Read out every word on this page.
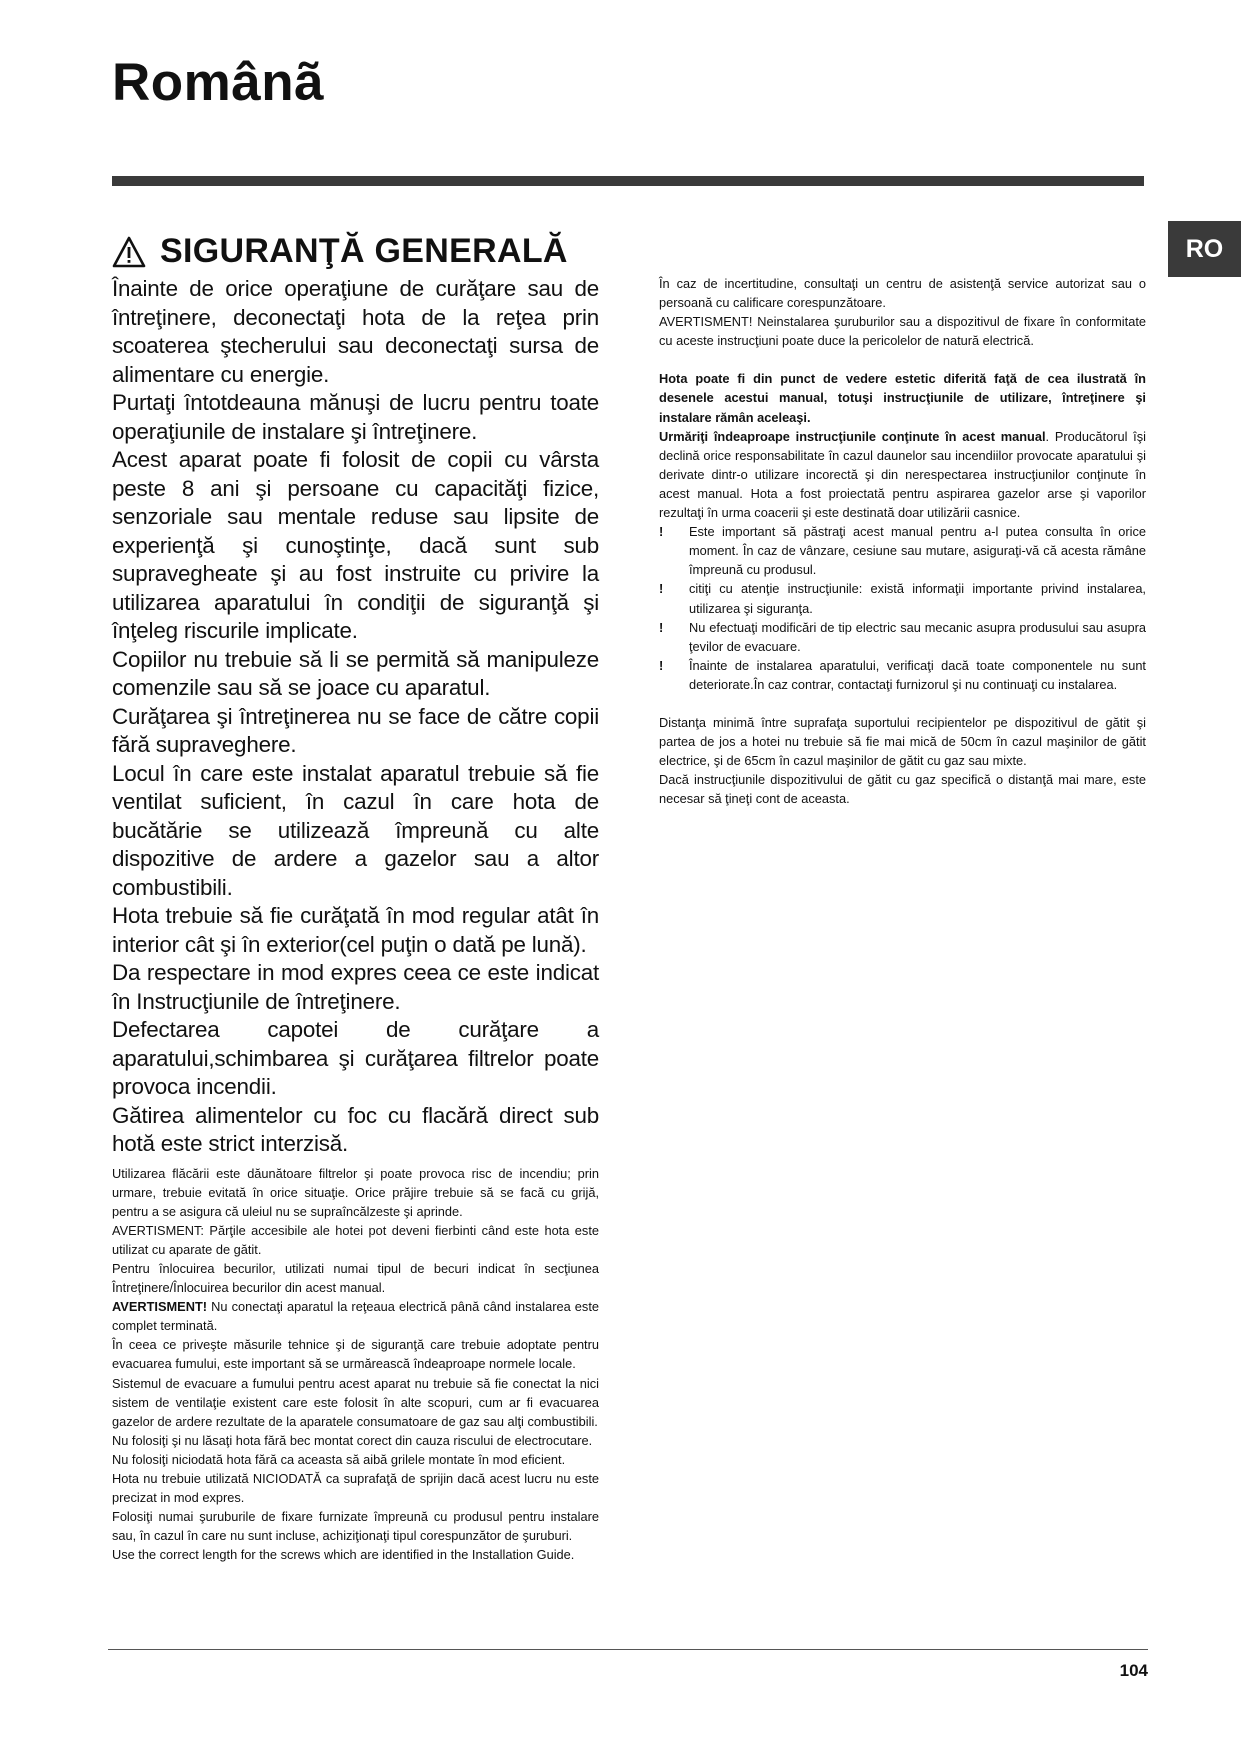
Românã
RO
SIGURANŢĂ GENERALĂ

Înainte de orice operaţiune de curăţare sau de întreţinere, deconectaţi hota de la reţea prin scoaterea ştecherului sau deconectaţi sursa de alimentare cu energie.

Purtaţi întotdeauna mănuşi de lucru pentru toate operaţiunile de instalare şi întreţinere.

Acest aparat poate fi folosit de copii cu vârsta peste 8 ani şi persoane cu capacităţi fizice, senzoriale sau mentale reduse sau lipsite de experienţă şi cunoştinţe, dacă sunt sub supravegheate şi au fost instruite cu privire la utilizarea aparatului în condiţii de siguranţă şi înţeleg riscurile implicate.

Copiilor nu trebuie să li se permită să manipuleze comenzile sau să se joace cu aparatul.

Curăţarea şi întreţinerea nu se face de către copii fără supraveghere.

Locul în care este instalat aparatul trebuie să fie ventilat suficient, în cazul în care hota de bucătărie se utilizează împreună cu alte dispozitive de ardere a gazelor sau a altor combustibili.

Hota trebuie să fie curăţată în mod regular atât în interior cât şi în exterior(cel puţin o dată pe lună).

Da respectare in mod expres ceea ce este indicat în Instrucţiunile de întreţinere.

Defectarea capotei de curăţare a aparatului,schimbarea şi curăţarea filtrelor poate provoca incendii.

Gătirea alimentelor cu foc cu flacără direct sub hotă este strict interzisă.

Utilizarea flăcării este dăunătoare filtrelor şi poate provoca risc de incendiu; prin urmare, trebuie evitată în orice situaţie. Orice prăjire trebuie să se facă cu grijă, pentru a se asigura că uleiul nu se supraîncălzeste şi aprinde.

AVERTISMENT: Părţile accesibile ale hotei pot deveni fierbinti când este hota este utilizat cu aparate de gătit.

Pentru înlocuirea becurilor, utilizati numai tipul de becuri indicat în secţiunea Întreţinere/Înlocuirea becurilor din acest manual.

AVERTISMENT! Nu conectaţi aparatul la reţeaua electrică până când instalarea este complet terminată.

În ceea ce priveşte măsurile tehnice şi de siguranţă care trebuie adoptate pentru evacuarea fumului, este important să se urmărească îndeaproape normele locale.

Sistemul de evacuare a fumului pentru acest aparat nu trebuie să fie conectat la nici sistem de ventilaţie existent care este folosit în alte scopuri, cum ar fi evacuarea gazelor de ardere rezultate de la aparatele consumatoare de gaz sau alţi combustibili.

Nu folosiţi şi nu lăsaţi hota fără bec montat corect din cauza riscului de electrocutare.

Nu folosiţi niciodată hota fără ca aceasta să aibă grilele montate în mod eficient.

Hota nu trebuie utilizată NICIODATĂ ca suprafaţă de sprijin dacă acest lucru nu este precizat in mod expres.

Folosiţi numai şuruburile de fixare furnizate împreună cu produsul pentru instalare sau, în cazul în care nu sunt incluse, achiziţionaţi tipul corespunzător de şuruburi.

Use the correct length for the screws which are identified in the Installation Guide.

În caz de incertitudine, consultaţi un centru de asistenţă service autorizat sau o persoană cu calificare corespunzătoare.

AVERTISMENT! Neinstalarea şuruburilor sau a dispozitivul de fixare în conformitate cu aceste instrucţiuni poate duce la pericolelor de natură electrică.

Hota poate fi din punct de vedere estetic diferită faţă de cea ilustrată în desenele acestui manual, totuşi instrucţiunile de utilizare, întreţinere şi instalare rămân aceleaşi.

Urmăriţi îndeaproape instrucţiunile conţinute în acest manual. Producătorul îşi declină orice responsabilitate în cazul daunelor sau incendiilor provocate aparatului şi derivate dintr-o utilizare incorectă şi din nerespectarea instrucţiunilor conţinute în acest manual. Hota a fost proiectată pentru aspirarea gazelor arse şi vaporilor rezultaţi în urma coacerii şi este destinată doar utilizării casnice.

!	Este important să păstraţi acest manual pentru a-l putea consulta în orice moment. În caz de vânzare, cesiune sau mutare, asiguraţi-vă că acesta rămâne împreună cu produsul.
!	citiţi cu atenţie instrucţiunile: există informaţii importante privind instalarea, utilizarea şi siguranţa.
!	Nu efectuaţi modificări de tip electric sau mecanic asupra produsului sau asupra ţevilor de evacuare.
!	Înainte de instalarea aparatului, verificaţi dacă toate componentele nu sunt deteriorate.În caz contrar, contactaţi furnizorul şi nu continuaţi cu instalarea.

Distanţa minimă între suprafaţa suportului recipientelor pe dispozitivul de gătit şi partea de jos a hotei nu trebuie să fie mai mică de 50cm în cazul maşinilor de gătit electrice, şi de 65cm în cazul maşinilor de gătit cu gaz sau mixte.

Dacă instrucţiunile dispozitivului de gătit cu gaz specifică o distanţă mai mare, este necesar să ţineţi cont de aceasta.

104
